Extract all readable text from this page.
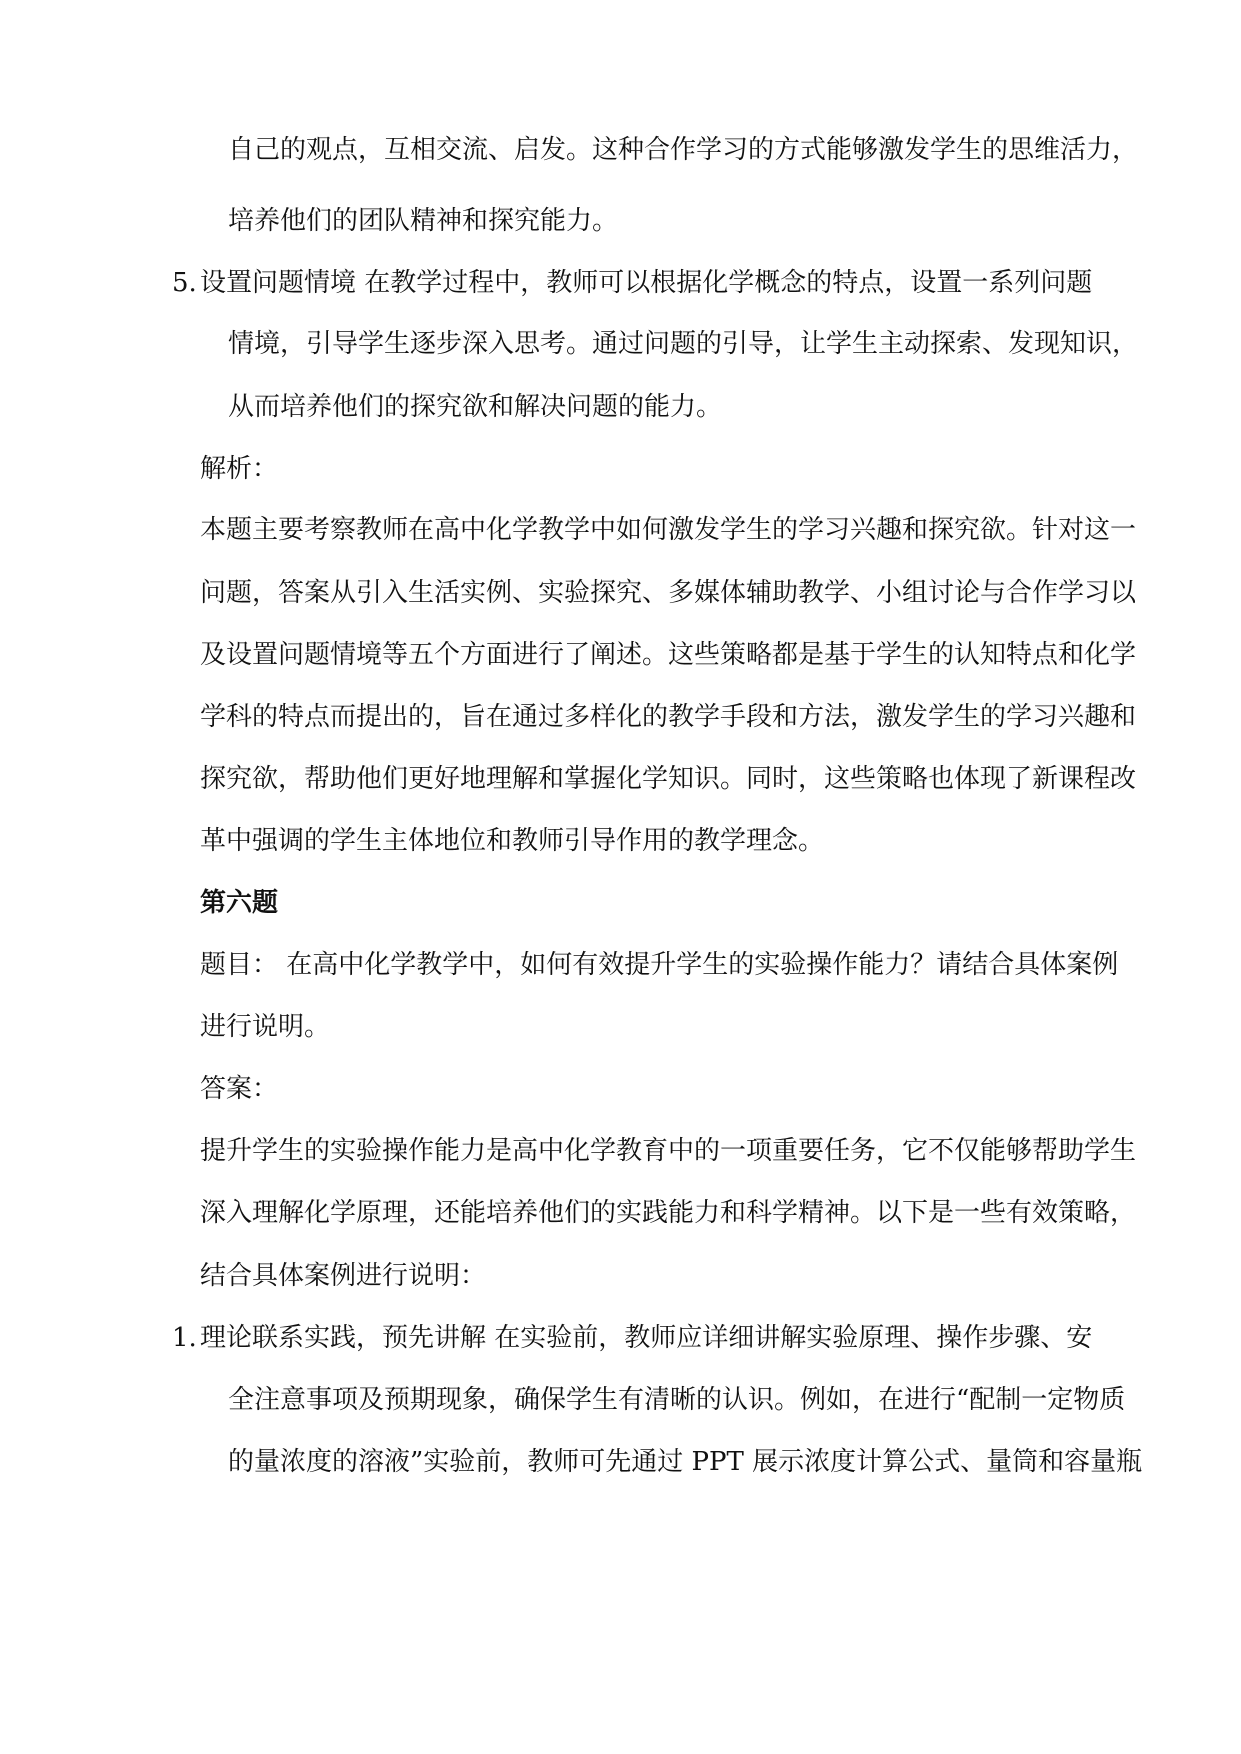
自己的观点，互相交流、启发。这种合作学习的方式能够激发学生的思维活力，
培养他们的团队精神和探究能力。
5. 设置问题情境 在教学过程中，教师可以根据化学概念的特点，设置一系列问题
情境，引导学生逐步深入思考。通过问题的引导，让学生主动探索、发现知识，
从而培养他们的探究欲和解决问题的能力。
解析：
本题主要考察教师在高中化学教学中如何激发学生的学习兴趣和探究欲。针对这一
问题，答案从引入生活实例、实验探究、多媒体辅助教学、小组讨论与合作学习以
及设置问题情境等五个方面进行了阐述。这些策略都是基于学生的认知特点和化学
学科的特点而提出的，旨在通过多样化的教学手段和方法，激发学生的学习兴趣和
探究欲，帮助他们更好地理解和掌握化学知识。同时，这些策略也体现了新课程改
革中强调的学生主体地位和教师引导作用的教学理念。
第六题
题目： 在高中化学教学中，如何有效提升学生的实验操作能力？请结合具体案例
进行说明。
答案：
提升学生的实验操作能力是高中化学教育中的一项重要任务，它不仅能够帮助学生
深入理解化学原理，还能培养他们的实践能力和科学精神。以下是一些有效策略，
结合具体案例进行说明：
1. 理论联系实践，预先讲解 在实验前，教师应详细讲解实验原理、操作步骤、安
全注意事项及预期现象，确保学生有清晰的认识。例如，在进行“配制一定物质
的量浓度的溶液”实验前，教师可先通过 PPT 展示浓度计算公式、量筒和容量瓶
